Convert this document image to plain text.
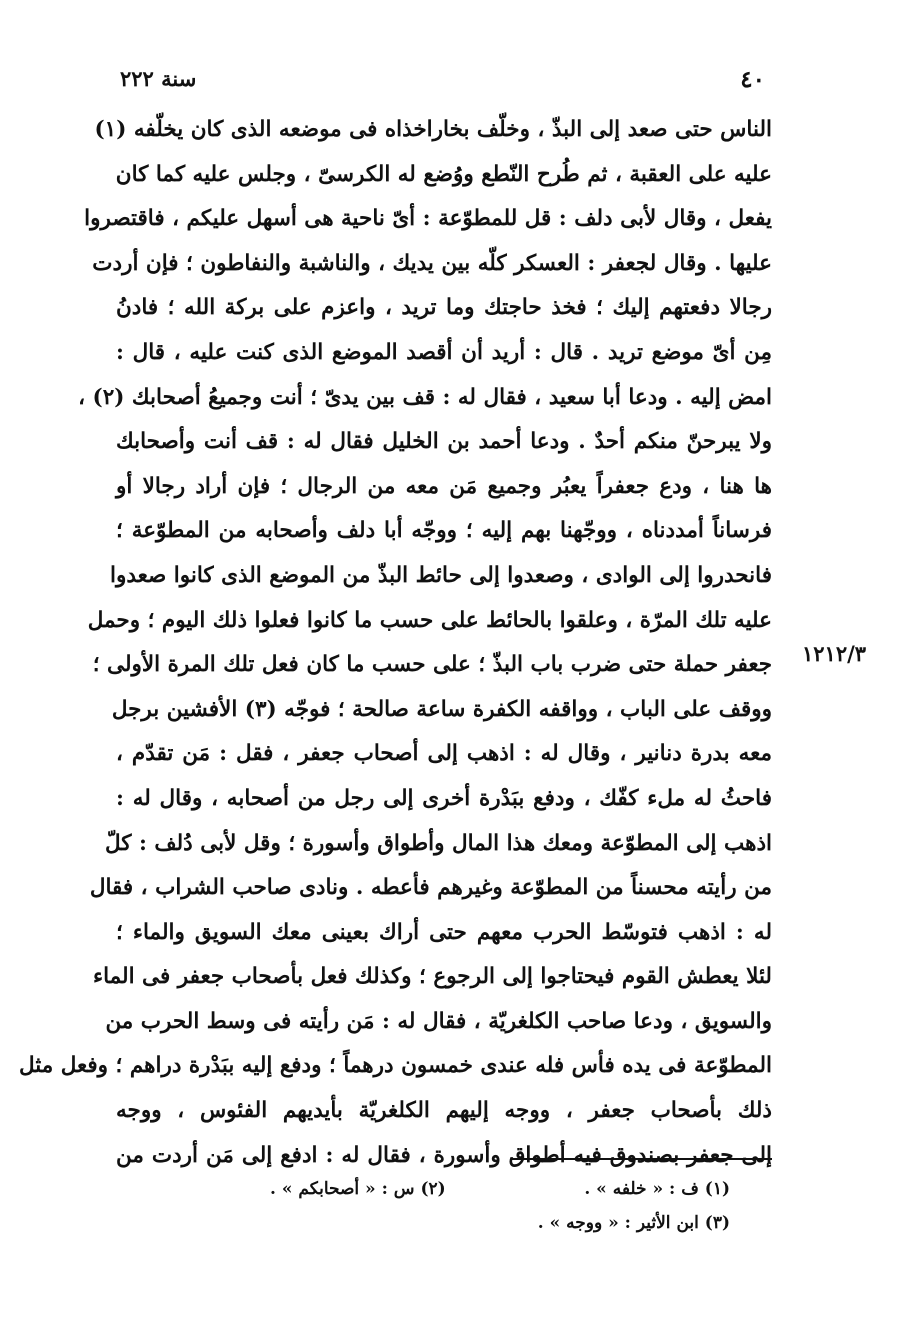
٤٠
سنة ٢٢٢
١٢١٢/٣
الناس حتى صعد إلى البذّ ، وخلّف بخاراخذاه فى موضعه الذى كان يخلّفه (١)
عليه على العقبة ، ثم طُرح النّطع ووُضع له الكرسىّ ، وجلس عليه كما كان
يفعل ، وقال لأبى دلف : قل للمطوّعة : أىّ ناحية هى أسهل عليكم ، فاقتصروا
عليها . وقال لجعفر : العسكر كلّه بين يديك ، والناشبة والنفاطون ؛ فإن أردت
رجالا دفعتهم إليك ؛ فخذ حاجتك وما تريد ، واعزم على بركة الله ؛ فادنُ
مِن أىّ موضع تريد . قال : أريد أن أقصد الموضع الذى كنت عليه ، قال :
امض إليه . ودعا أبا سعيد ، فقال له : قف بين يدىّ ؛ أنت وجميعُ أصحابك (٢) ،
ولا يبرحنّ منكم أحدٌ . ودعا أحمد بن الخليل فقال له : قف أنت وأصحابك
ها هنا ، ودع جعفراً يعبُر وجميع مَن معه من الرجال ؛ فإن أراد رجالا أو
فرساناً أمددناه ، ووجّهنا بهم إليه ؛ ووجّه أبا دلف وأصحابه من المطوّعة ؛
فانحدروا إلى الوادى ، وصعدوا إلى حائط البذّ من الموضع الذى كانوا صعدوا
عليه تلك المرّة ، وعلقوا بالحائط على حسب ما كانوا فعلوا ذلك اليوم ؛ وحمل
جعفر حملة حتى ضرب باب البذّ ؛ على حسب ما كان فعل تلك المرة الأولى ؛
ووقف على الباب ، وواقفه الكفرة ساعة صالحة ؛ فوجّه (٣) الأفشين برجل
معه بدرة دنانير ، وقال له : اذهب إلى أصحاب جعفر ، فقل : مَن تقدّم ،
فاحثُ له ملء كفّك ، ودفع ببَدْرة أخرى إلى رجل من أصحابه ، وقال له :
اذهب إلى المطوّعة ومعك هذا المال وأطواق وأسورة ؛ وقل لأبى دُلف : كلّ
من رأيته محسناً من المطوّعة وغيرهم فأعطه . ونادى صاحب الشراب ، فقال
له : اذهب فتوسّط الحرب معهم حتى أراك بعينى معك السويق والماء ؛
لئلا يعطش القوم فيحتاجوا إلى الرجوع ؛ وكذلك فعل بأصحاب جعفر فى الماء
والسويق ، ودعا صاحب الكلغريّة ، فقال له : مَن رأيته فى وسط الحرب من
المطوّعة فى يده فأس فله عندى خمسون درهماً ؛ ودفع إليه ببَدْرة دراهم ؛ وفعل مثل
ذلك بأصحاب جعفر ، ووجه إليهم الكلغريّة بأيديهم الفئوس ، ووجه
إلى جعفر بصندوق فيه أطواق وأسورة ، فقال له : ادفع إلى مَن أردت من
(١) ف : « خلفه » .
(٢) س : « أصحابكم » .
(٣) ابن الأثير : « ووجه » .
